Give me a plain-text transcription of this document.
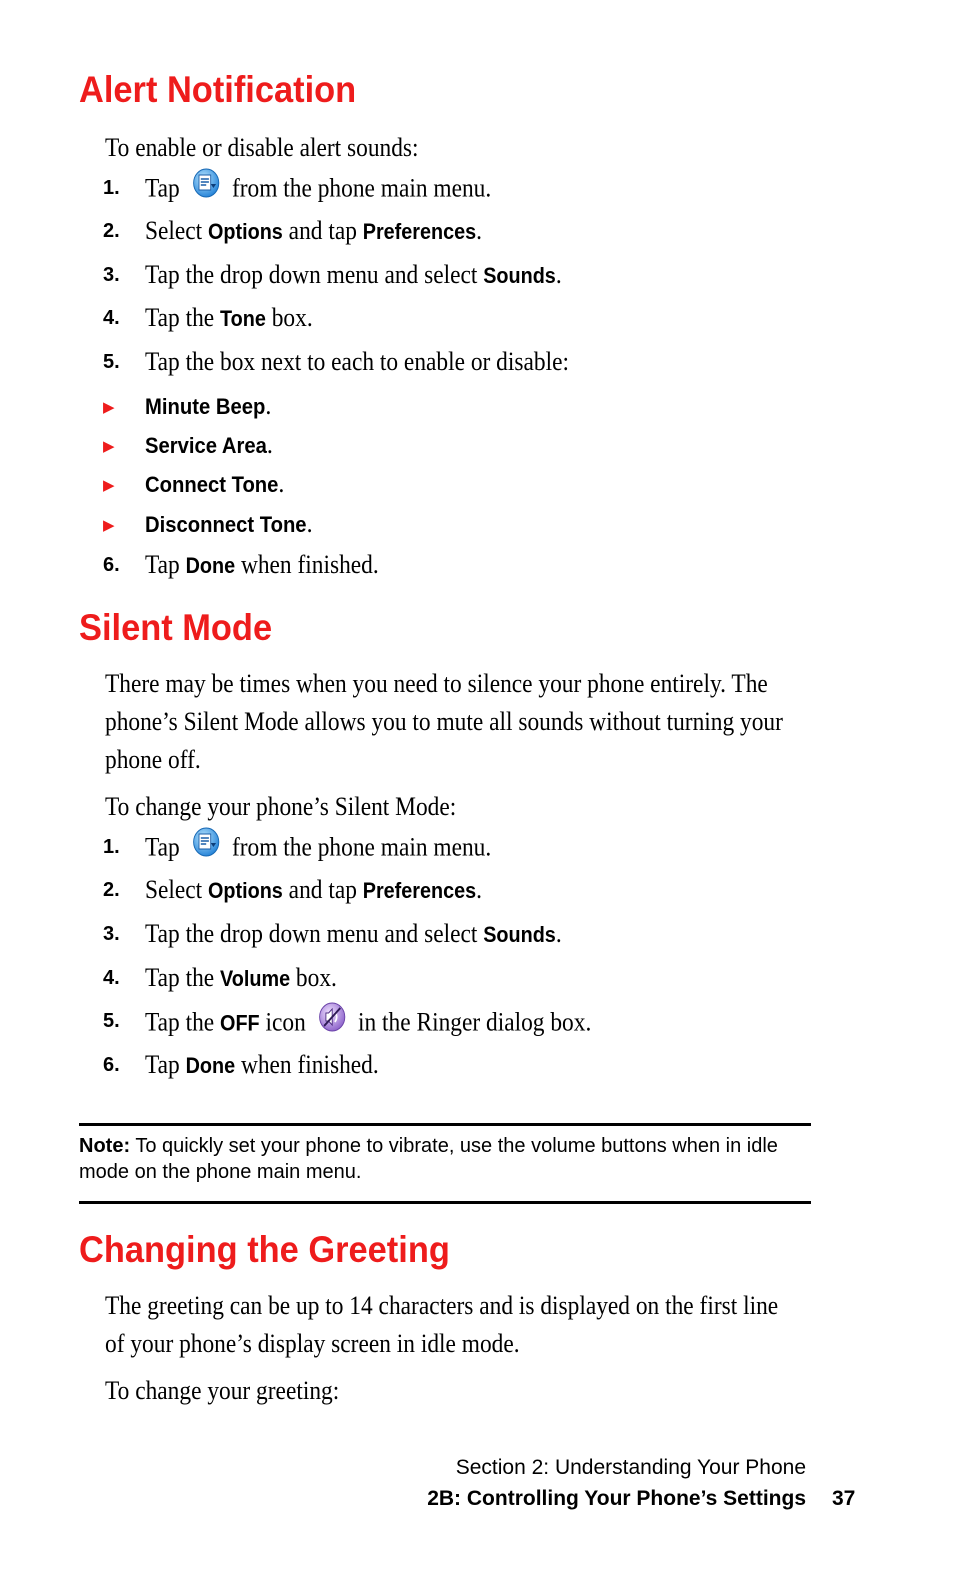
Alert Notification

To enable or disable alert sounds:

1. Tap from the phone main menu.
2. Select Options and tap Preferences.
3. Tap the drop down menu and select Sounds.
4. Tap the Tone box.
5. Tap the box next to each to enable or disable:
▶ Minute Beep.
▶ Service Area.
▶ Connect Tone.
▶ Disconnect Tone.
6. Tap Done when finished.
Silent Mode

There may be times when you need to silence your phone entirely. The

phone’s Silent Mode allows you to mute all sounds without turning your

phone off.

To change your phone’s Silent Mode:

1. Tap from the phone main menu.
2. Select Options and tap Preferences.
3. Tap the drop down menu and select Sounds.
4. Tap the Volume box.
5. Tap the OFF icon in the Ringer dialog box.
6. Tap Done when finished.
Note: To quickly set your phone to vibrate, use the volume buttons when in idle mode on the phone main menu.
Changing the Greeting

The greeting can be up to 14 characters and is displayed on the first line

of your phone’s display screen in idle mode.

To change your greeting:

Section 2: Understanding Your Phone
2B: Controlling Your Phone’s Settings 37
